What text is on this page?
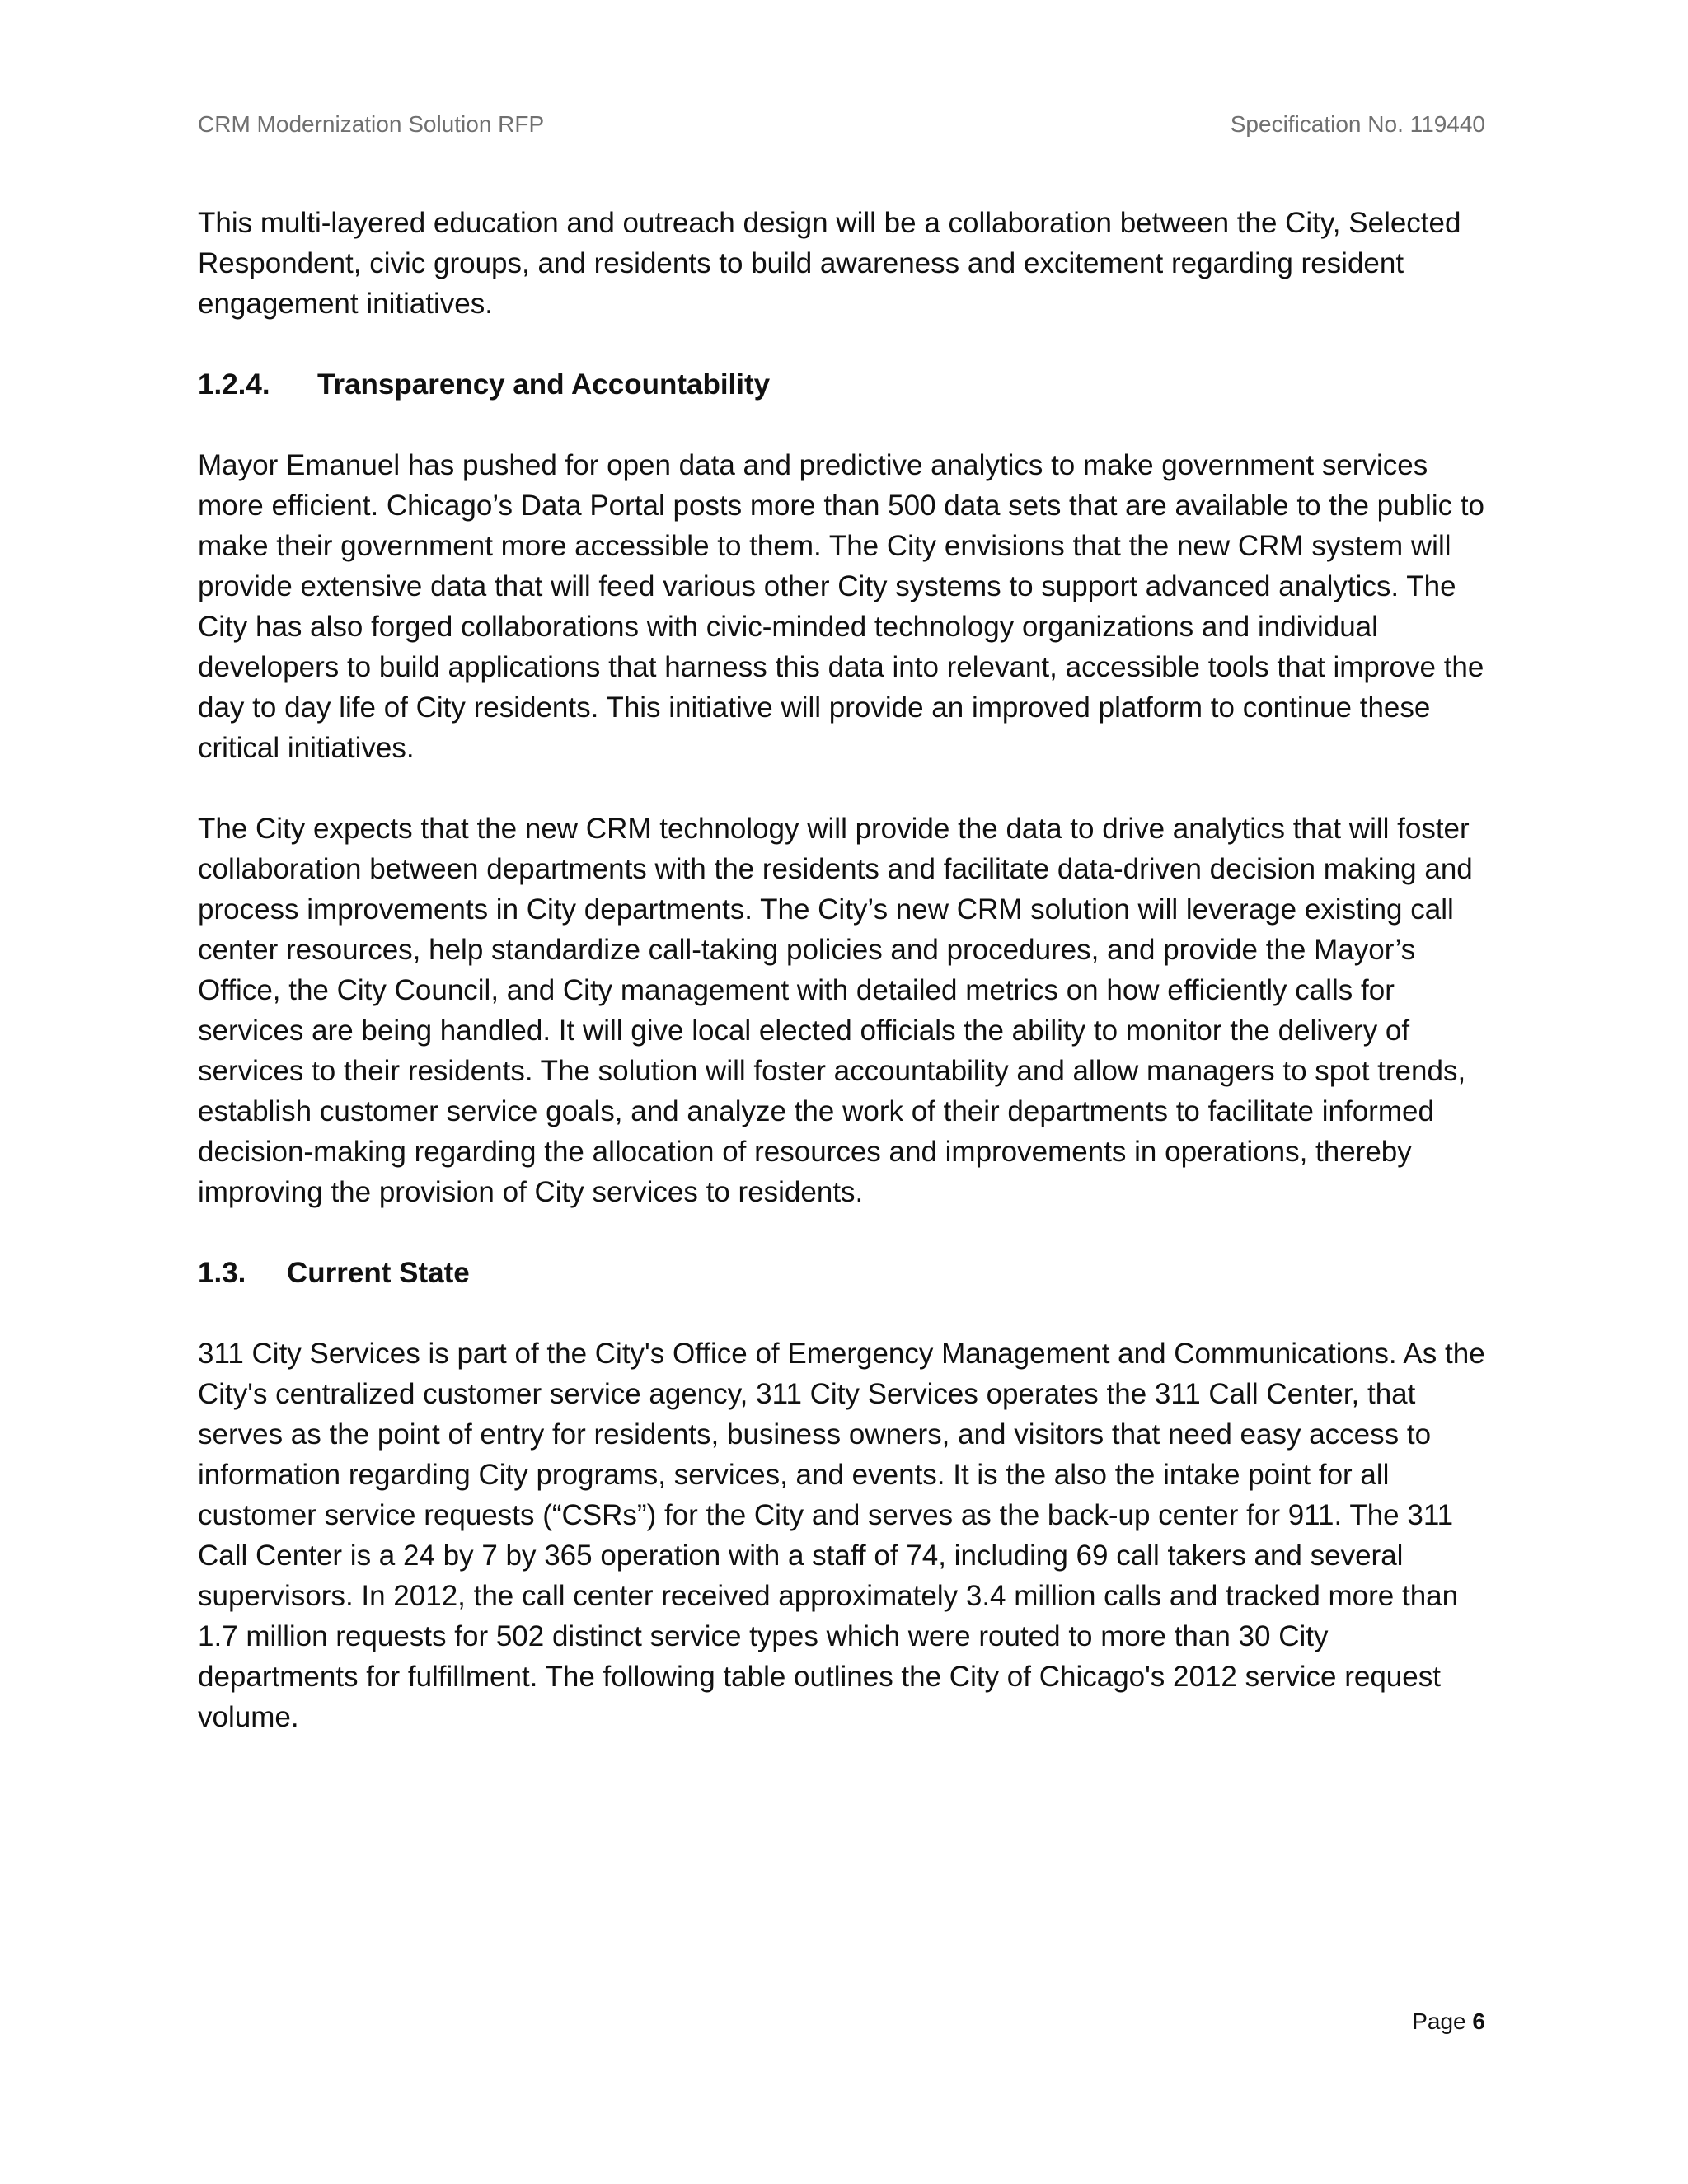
CRM Modernization Solution RFP	Specification No. 119440

This multi-layered education and outreach design will be a collaboration between the City, Selected Respondent, civic groups, and residents to build awareness and excitement regarding resident engagement initiatives.

1.2.4.	Transparency and Accountability

Mayor Emanuel has pushed for open data and predictive analytics to make government services more efficient. Chicago’s Data Portal posts more than 500 data sets that are available to the public to make their government more accessible to them. The City envisions that the new CRM system will provide extensive data that will feed various other City systems to support advanced analytics. The City has also forged collaborations with civic-minded technology organizations and individual developers to build applications that harness this data into relevant, accessible tools that improve the day to day life of City residents. This initiative will provide an improved platform to continue these critical initiatives.

The City expects that the new CRM technology will provide the data to drive analytics that will foster collaboration between departments with the residents and facilitate data-driven decision making and process improvements in City departments. The City’s new CRM solution will leverage existing call center resources, help standardize call-taking policies and procedures, and provide the Mayor’s Office, the City Council, and City management with detailed metrics on how efficiently calls for services are being handled. It will give local elected officials the ability to monitor the delivery of services to their residents. The solution will foster accountability and allow managers to spot trends, establish customer service goals, and analyze the work of their departments to facilitate informed decision-making regarding the allocation of resources and improvements in operations, thereby improving the provision of City services to residents.

1.3.	Current State

311 City Services is part of the City's Office of Emergency Management and Communications. As the City's centralized customer service agency, 311 City Services operates the 311 Call Center, that serves as the point of entry for residents, business owners, and visitors that need easy access to information regarding City programs, services, and events. It is the also the intake point for all customer service requests (“CSRs”) for the City and serves as the back-up center for 911. The 311 Call Center is a 24 by 7 by 365 operation with a staff of 74, including 69 call takers and several supervisors. In 2012, the call center received approximately 3.4 million calls and tracked more than 1.7 million requests for 502 distinct service types which were routed to more than 30 City departments for fulfillment. The following table outlines the City of Chicago's 2012 service request volume.

Page 6
